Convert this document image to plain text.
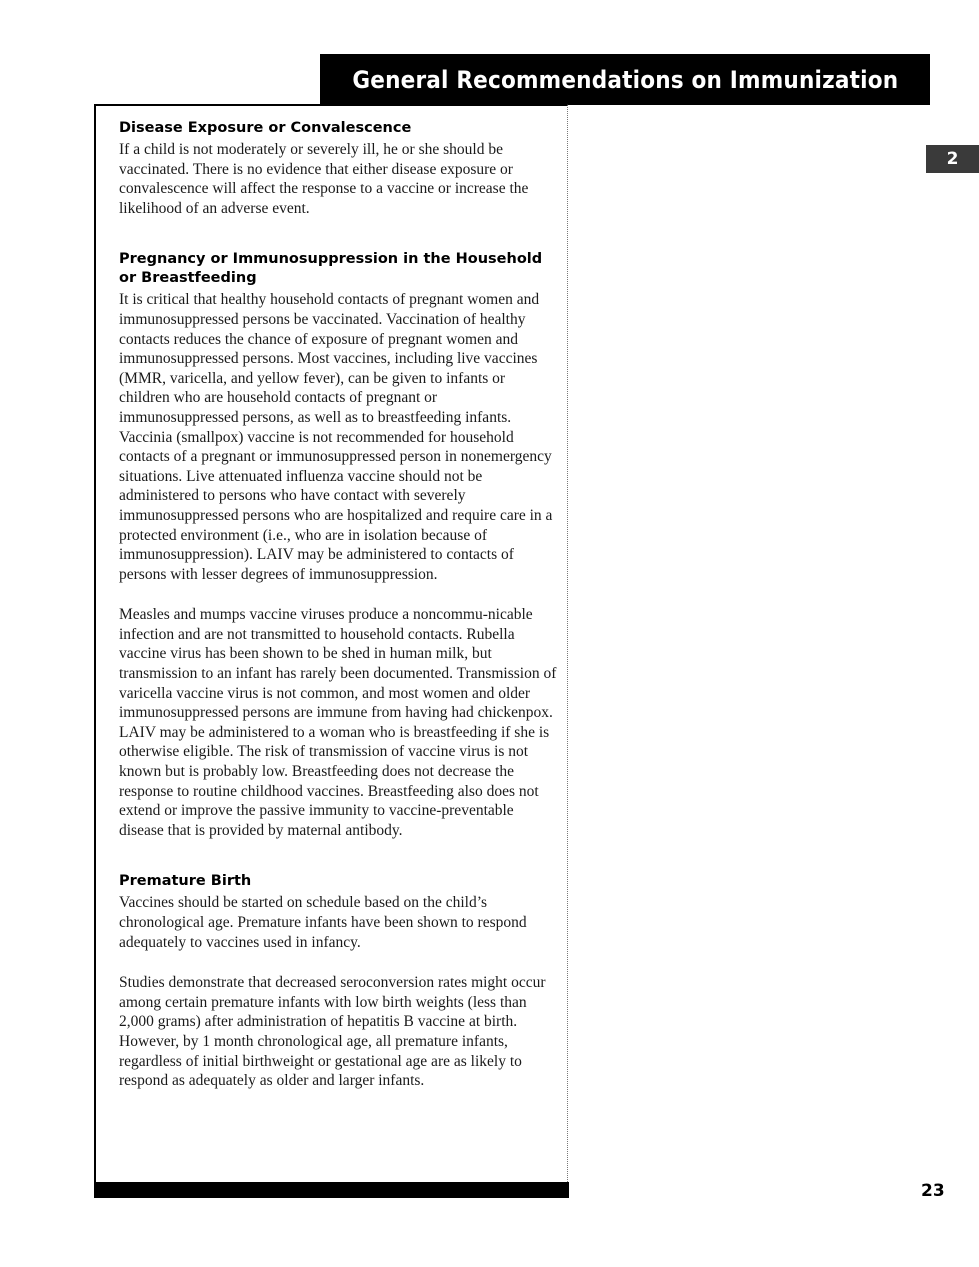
General Recommendations on Immunization
2
Disease Exposure or Convalescence

If a child is not moderately or severely ill, he or she should be vaccinated. There is no evidence that either disease exposure or convalescence will affect the response to a vaccine or increase the likelihood of an adverse event.

Pregnancy or Immunosuppression in the Household or Breastfeeding

It is critical that healthy household contacts of pregnant women and immunosuppressed persons be vaccinated. Vaccination of healthy contacts reduces the chance of exposure of pregnant women and immunosuppressed persons. Most vaccines, including live vaccines (MMR, varicella, and yellow fever), can be given to infants or children who are household contacts of pregnant or immunosuppressed persons, as well as to breastfeeding infants. Vaccinia (smallpox) vaccine is not recommended for household contacts of a pregnant or immunosuppressed person in nonemergency situations. Live attenuated influenza vaccine should not be administered to persons who have contact with severely immunosuppressed persons who are hospitalized and require care in a protected environment (i.e., who are in isolation because of immunosuppression). LAIV may be administered to contacts of persons with lesser degrees of immunosuppression.

Measles and mumps vaccine viruses produce a noncommu-nicable infection and are not transmitted to household contacts. Rubella vaccine virus has been shown to be shed in human milk, but transmission to an infant has rarely been documented. Transmission of varicella vaccine virus is not common, and most women and older immunosuppressed persons are immune from having had chickenpox. LAIV may be administered to a woman who is breastfeeding if she is otherwise eligible. The risk of transmission of vaccine virus is not known but is probably low. Breastfeeding does not decrease the response to routine childhood vaccines. Breastfeeding also does not extend or improve the passive immunity to vaccine-preventable disease that is provided by maternal antibody.

Premature Birth

Vaccines should be started on schedule based on the child’s chronological age. Premature infants have been shown to respond adequately to vaccines used in infancy.

Studies demonstrate that decreased seroconversion rates might occur among certain premature infants with low birth weights (less than 2,000 grams) after administration of hepatitis B vaccine at birth. However, by 1 month chronological age, all premature infants, regardless of initial birthweight or gestational age are as likely to respond as adequately as older and larger infants.

23
